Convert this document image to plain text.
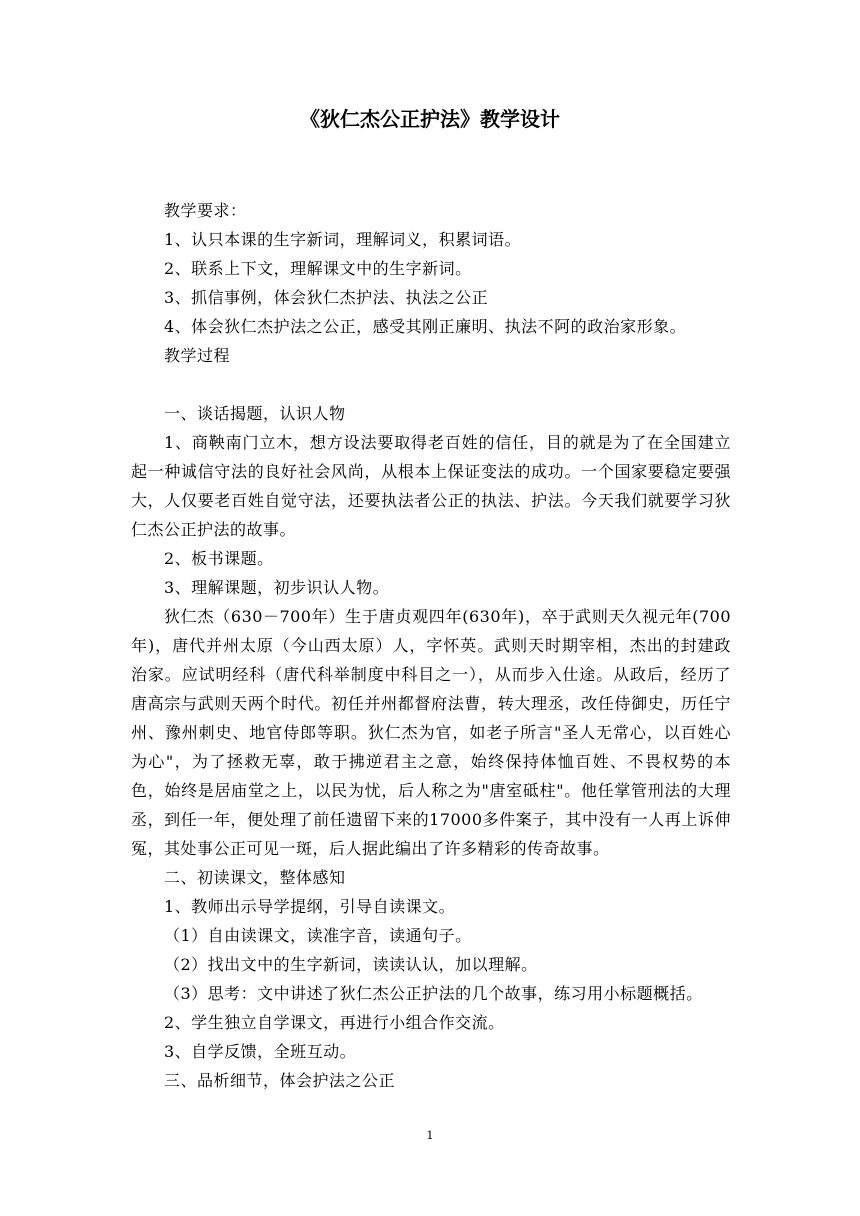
《狄仁杰公正护法》教学设计

教学要求：

1、认只本课的生字新词，理解词义，积累词语。

2、联系上下文，理解课文中的生字新词。

3、抓信事例，体会狄仁杰护法、执法之公正

4、体会狄仁杰护法之公正，感受其刚正廉明、执法不阿的政治家形象。

教学过程

一、谈话揭题，认识人物

1、商鞅南门立木，想方设法要取得老百姓的信任，目的就是为了在全国建立起一种诚信守法的良好社会风尚，从根本上保证变法的成功。一个国家要稳定要强大，人仅要老百姓自觉守法，还要执法者公正的执法、护法。今天我们就要学习狄仁杰公正护法的故事。

2、板书课题。

3、理解课题，初步识认人物。

狄仁杰（630－700年）生于唐贞观四年(630年)，卒于武则天久视元年(700年)，唐代并州太原（今山西太原）人，字怀英。武则天时期宰相，杰出的封建政治家。应试明经科（唐代科举制度中科目之一），从而步入仕途。从政后，经历了唐高宗与武则天两个时代。初任并州都督府法曹，转大理丞，改任侍御史，历任宁州、豫州刺史、地官侍郎等职。狄仁杰为官，如老子所言"圣人无常心，以百姓心为心"，为了拯救无辜，敢于拂逆君主之意，始终保持体恤百姓、不畏权势的本色，始终是居庙堂之上，以民为忧，后人称之为"唐室砥柱"。他任掌管刑法的大理丞，到任一年，便处理了前任遗留下来的17000多件案子，其中没有一人再上诉伸冤，其处事公正可见一斑，后人据此编出了许多精彩的传奇故事。

二、初读课文，整体感知

1、教师出示导学提纲，引导自读课文。

（1）自由读课文，读准字音，读通句子。

（2）找出文中的生字新词，读读认认，加以理解。

（3）思考：文中讲述了狄仁杰公正护法的几个故事，练习用小标题概括。

2、学生独立自学课文，再进行小组合作交流。

3、自学反馈，全班互动。

三、品析细节，体会护法之公正

1
